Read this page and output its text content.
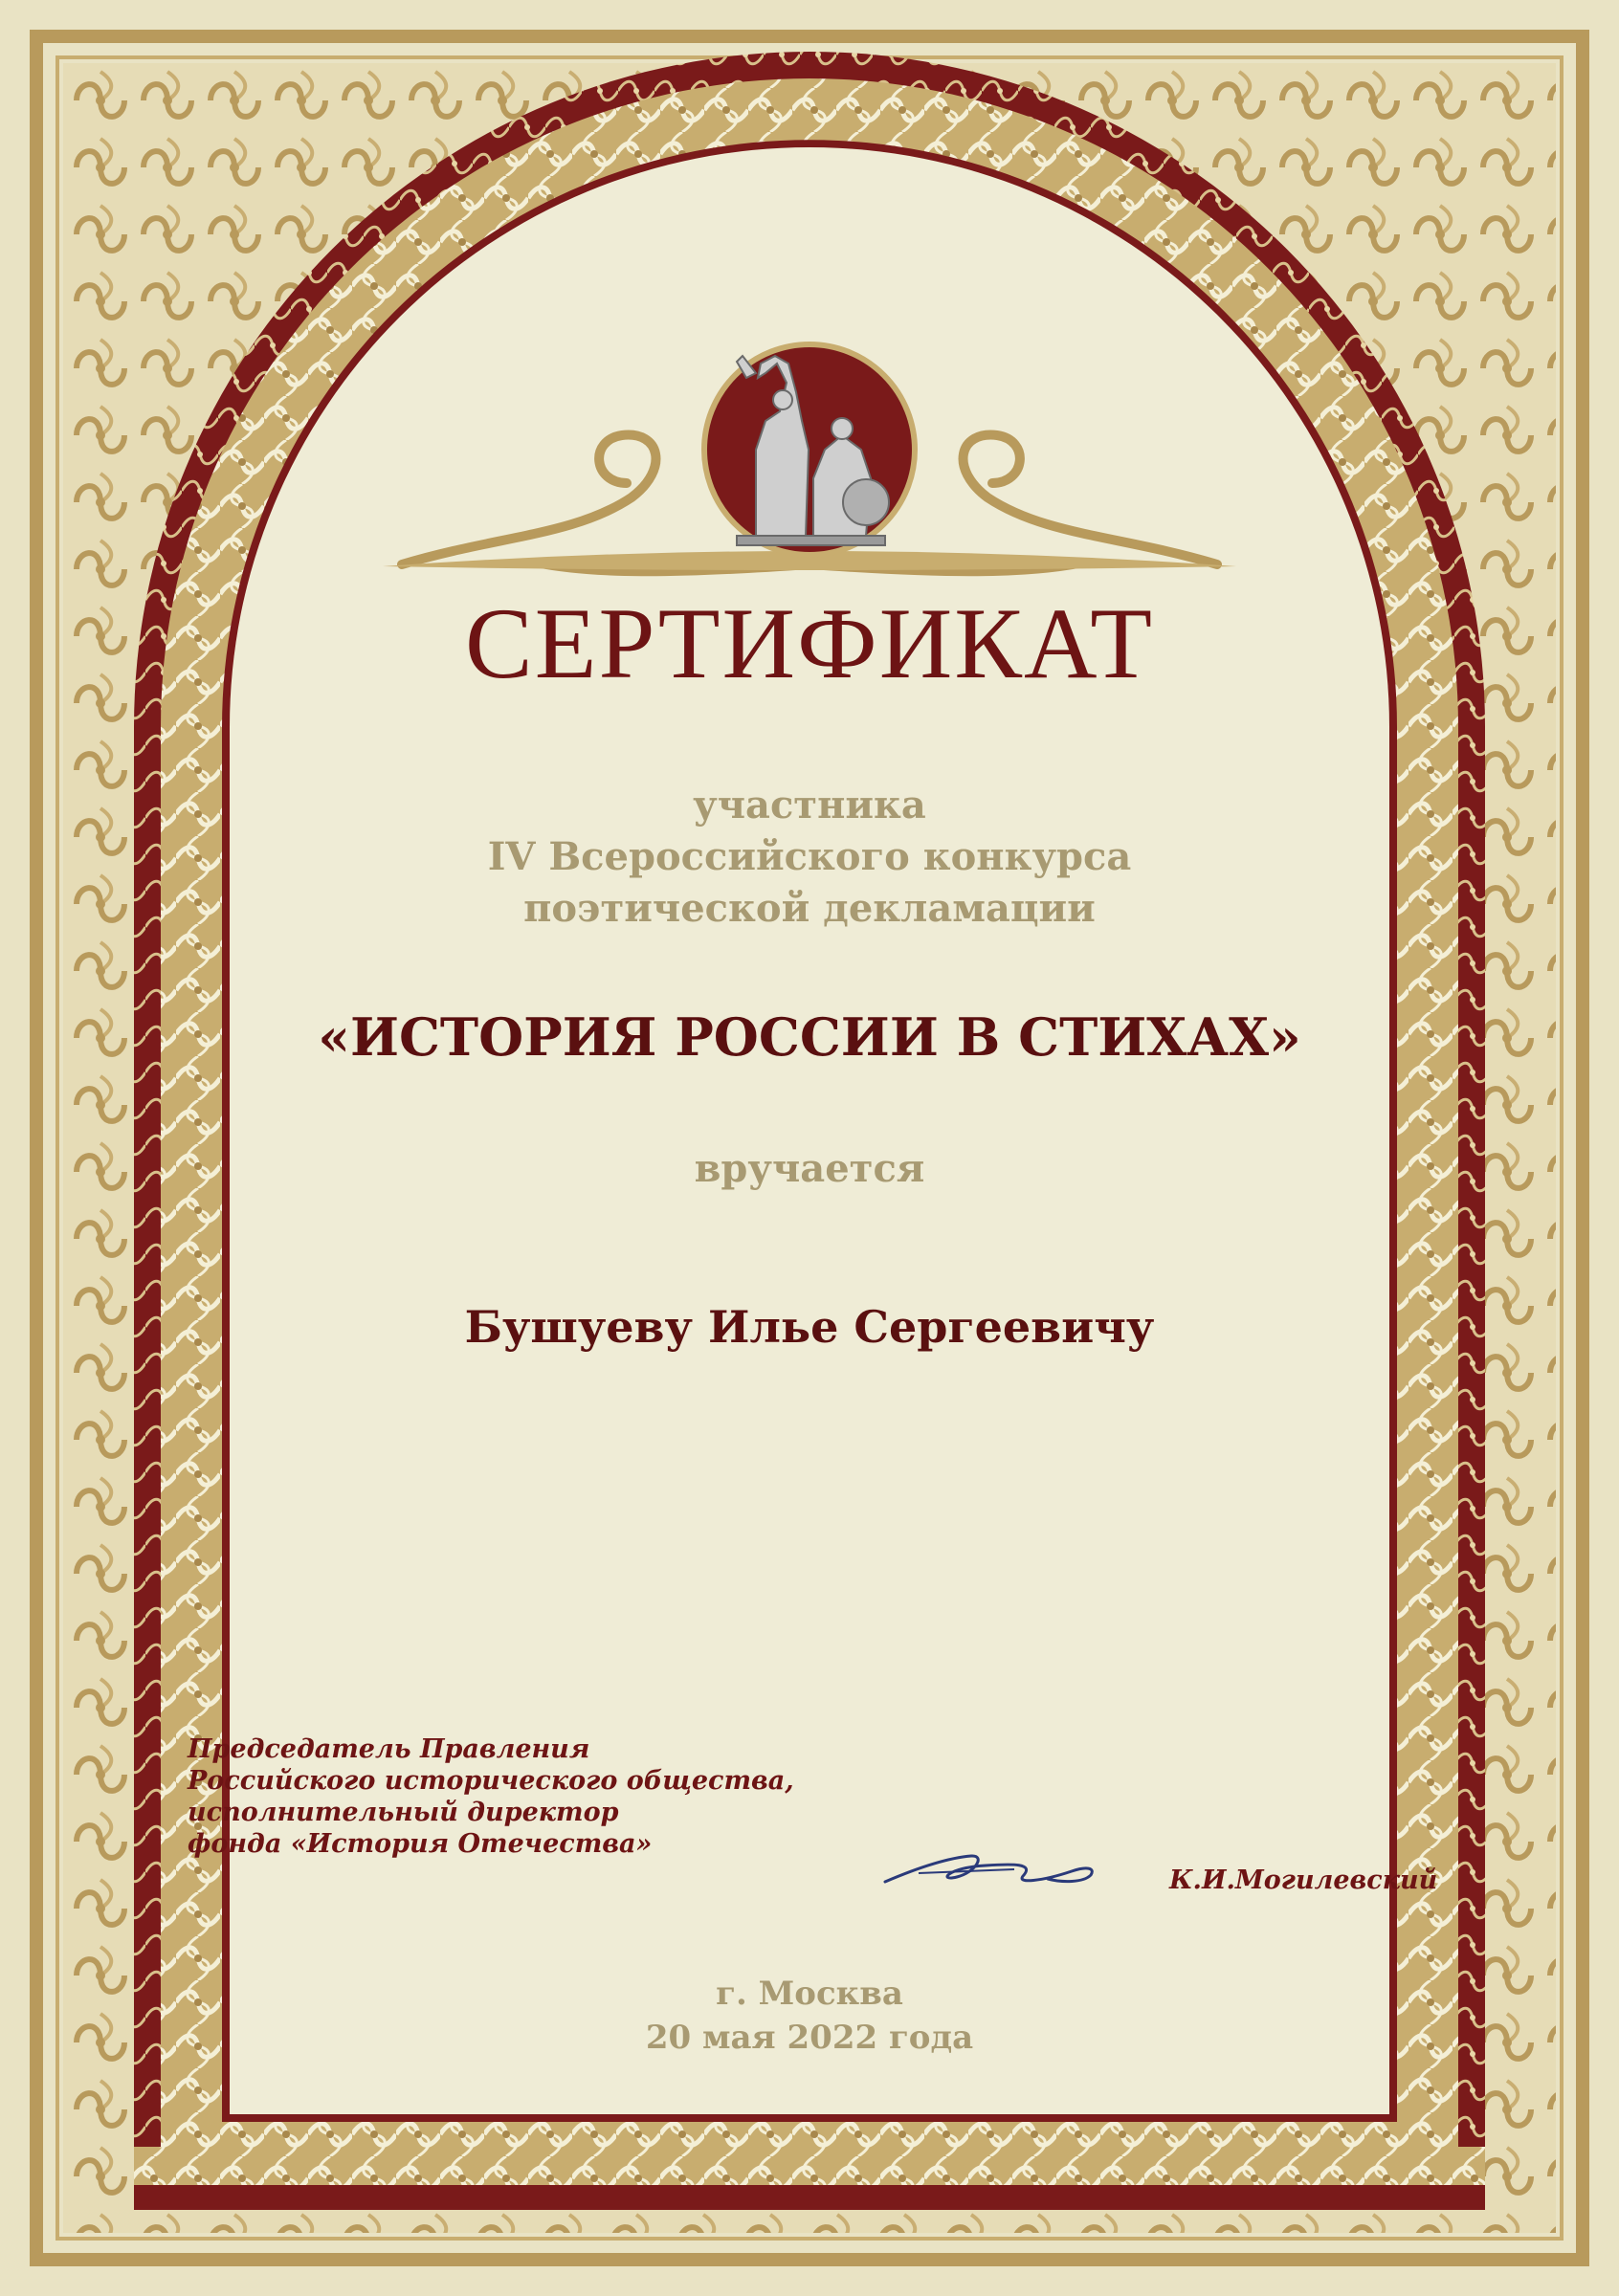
СЕРТИФИКАТ
участника
IV Всероссийского конкурса
поэтической декламации
«ИСТОРИЯ РОССИИ В СТИХАХ»
вручается
Бушуеву Илье Сергеевичу
Председатель Правления
Российского исторического общества,
исполнительный директор
фонда «История Отечества»
К.И.Могилевский
г. Москва
20 мая 2022 года
